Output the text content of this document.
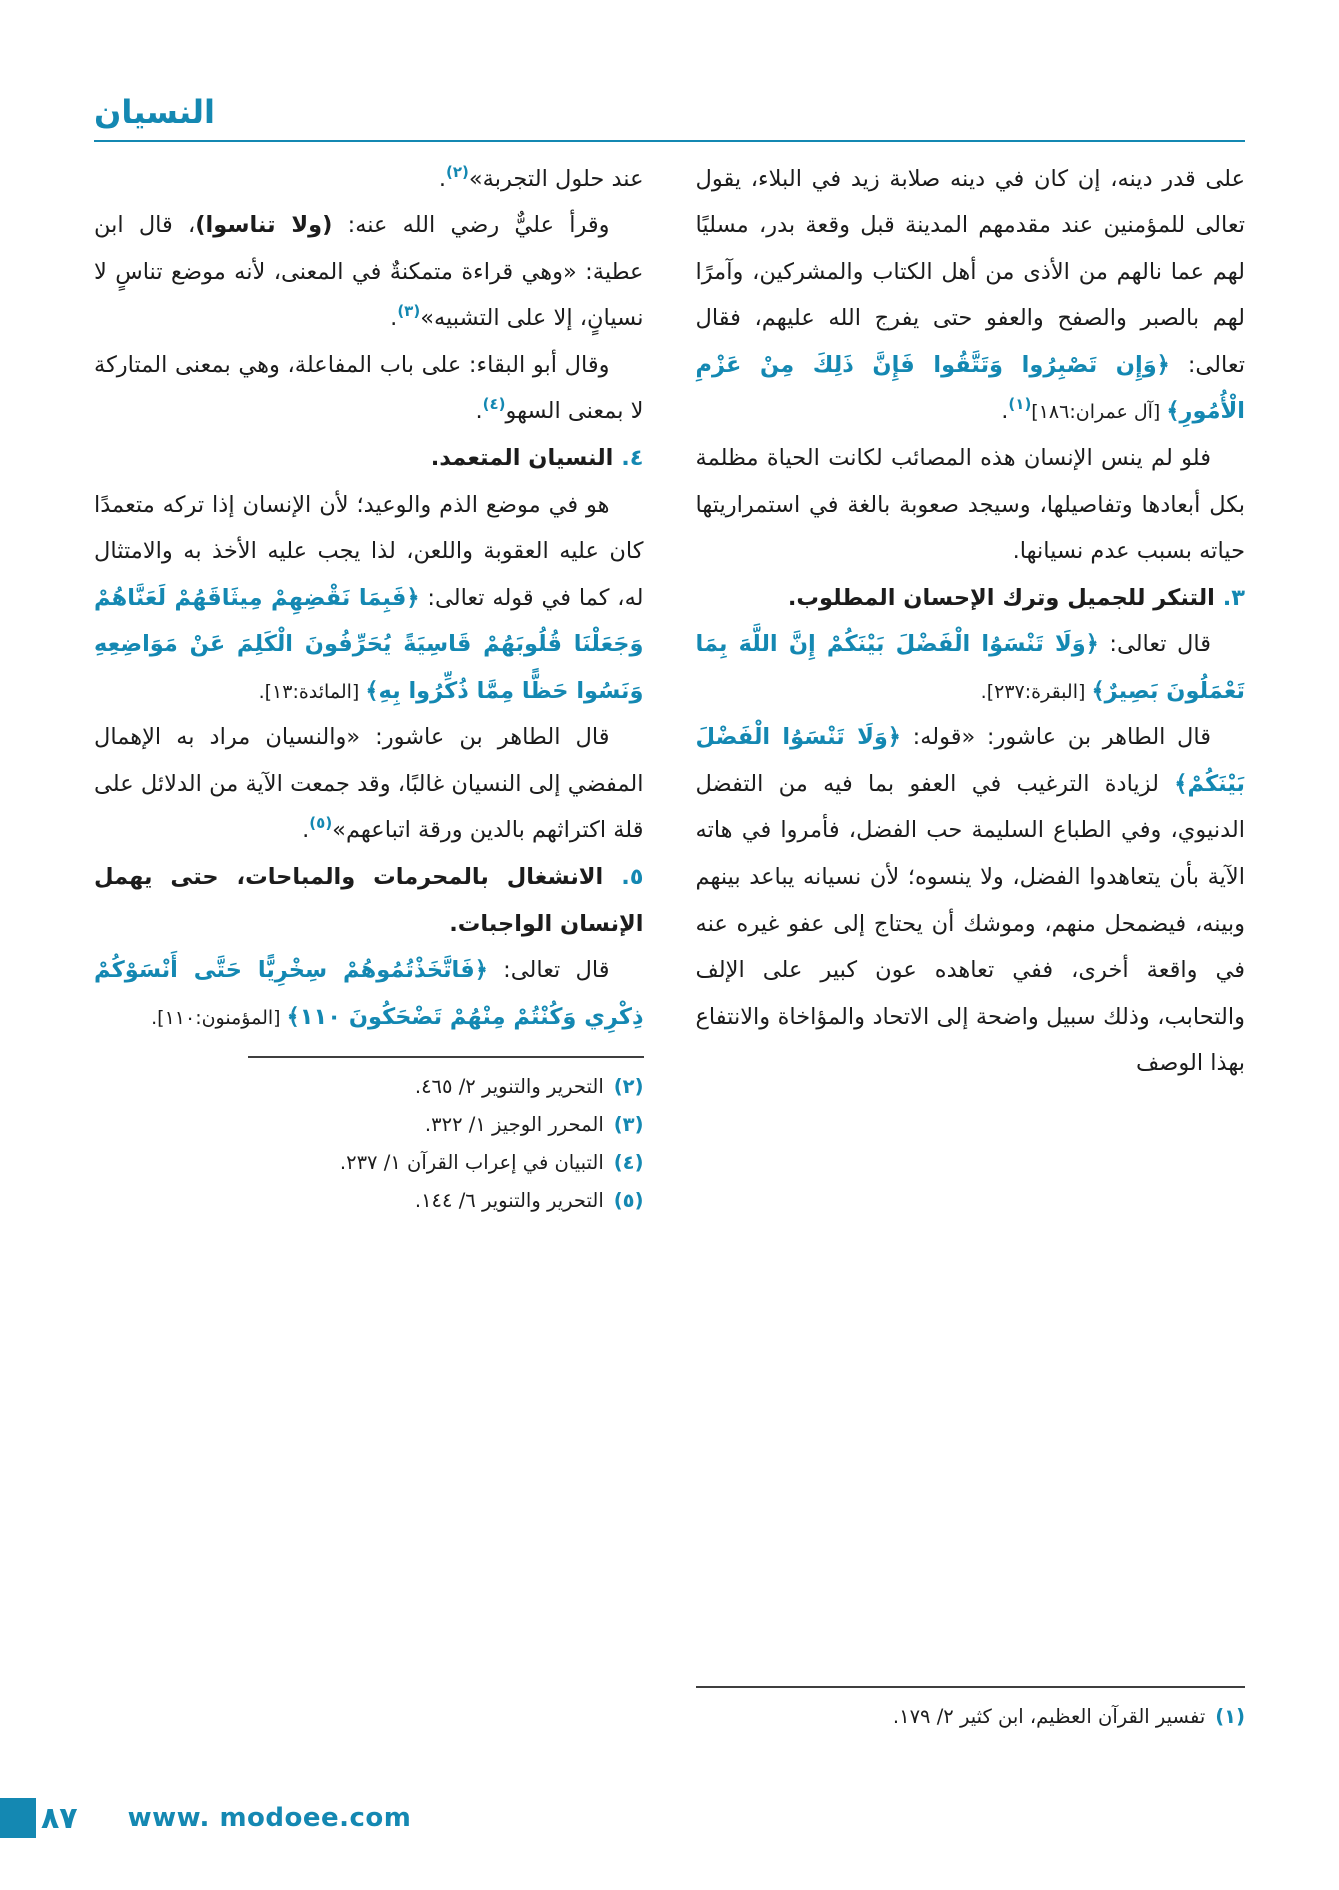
النسيان

على قدر دينه، إن كان في دينه صلابة زيد في البلاء، يقول تعالى للمؤمنين عند مقدمهم المدينة قبل وقعة بدر، مسليًا لهم عما نالهم من الأذى من أهل الكتاب والمشركين، وآمرًا لهم بالصبر والصفح والعفو حتى يفرج الله عليهم، فقال تعالى: ﴿وَإِن تَصْبِرُوا وَتَتَّقُوا فَإِنَّ ذَلِكَ مِنْ عَزْمِ الْأُمُورِ﴾ [آل عمران:١٨٦]$^{(١)}$.

فلو لم ينس الإنسان هذه المصائب لكانت الحياة مظلمة بكل أبعادها وتفاصيلها، وسيجد صعوبة بالغة في استمراريتها حياته بسبب عدم نسيانها.

٣. التنكر للجميل وترك الإحسان المطلوب.

قال تعالى: ﴿وَلَا تَنْسَوُا الْفَضْلَ بَيْنَكُمْ إِنَّ اللَّهَ بِمَا تَعْمَلُونَ بَصِيرٌ﴾ [البقرة:٢٣٧].

قال الطاهر بن عاشور: «قوله: ﴿وَلَا تَنْسَوُا الْفَضْلَ بَيْنَكُمْ﴾ لزيادة الترغيب في العفو بما فيه من التفضل الدنيوي، وفي الطباع السليمة حب الفضل، فأمروا في هاته الآية بأن يتعاهدوا الفضل، ولا ينسوه؛ لأن نسيانه يباعد بينهم وبينه، فيضمحل منهم، وموشك أن يحتاج إلى عفو غيره عنه في واقعة أخرى، ففي تعاهده عون كبير على الإلف والتحابب، وذلك سبيل واضحة إلى الاتحاد والمؤاخاة والانتفاع بهذا الوصف

(١)
تفسير القرآن العظيم، ابن كثير ٢/ ١٧٩.

عند حلول التجربة»$^{(٢)}$.

وقرأ عليٌّ رضي الله عنه: (ولا تناسوا)، قال ابن عطية: «وهي قراءة متمكنةٌ في المعنى، لأنه موضع تناسٍ لا نسيانٍ، إلا على التشبيه»$^{(٣)}$.

وقال أبو البقاء: على باب المفاعلة، وهي بمعنى المتاركة لا بمعنى السهو$^{(٤)}$.

٤. النسيان المتعمد.

هو في موضع الذم والوعيد؛ لأن الإنسان إذا تركه متعمدًا كان عليه العقوبة واللعن، لذا يجب عليه الأخذ به والامتثال له، كما في قوله تعالى: ﴿فَبِمَا نَقْضِهِمْ مِيثَاقَهُمْ لَعَنَّاهُمْ وَجَعَلْنَا قُلُوبَهُمْ قَاسِيَةً يُحَرِّفُونَ الْكَلِمَ عَنْ مَوَاضِعِهِ وَنَسُوا حَظًّا مِمَّا ذُكِّرُوا بِهِ﴾ [المائدة:١٣].

قال الطاهر بن عاشور: «والنسيان مراد به الإهمال المفضي إلى النسيان غالبًا، وقد جمعت الآية من الدلائل على قلة اكتراثهم بالدين ورقة اتباعهم»$^{(٥)}$.

٥. الانشغال بالمحرمات والمباحات، حتى يهمل الإنسان الواجبات.

قال تعالى: ﴿فَاتَّخَذْتُمُوهُمْ سِخْرِيًّا حَتَّى أَنْسَوْكُمْ ذِكْرِي وَكُنْتُمْ مِنْهُمْ تَضْحَكُونَ ١١٠﴾ [المؤمنون:١١٠].

(٢)
التحرير والتنوير ٢/ ٤٦٥.
(٣)
المحرر الوجيز ١/ ٣٢٢.
(٤)
التبيان في إعراب القرآن ١/ ٢٣٧.
(٥)
التحرير والتنوير ٦/ ١٤٤.
٨٧ www. modoee.com
